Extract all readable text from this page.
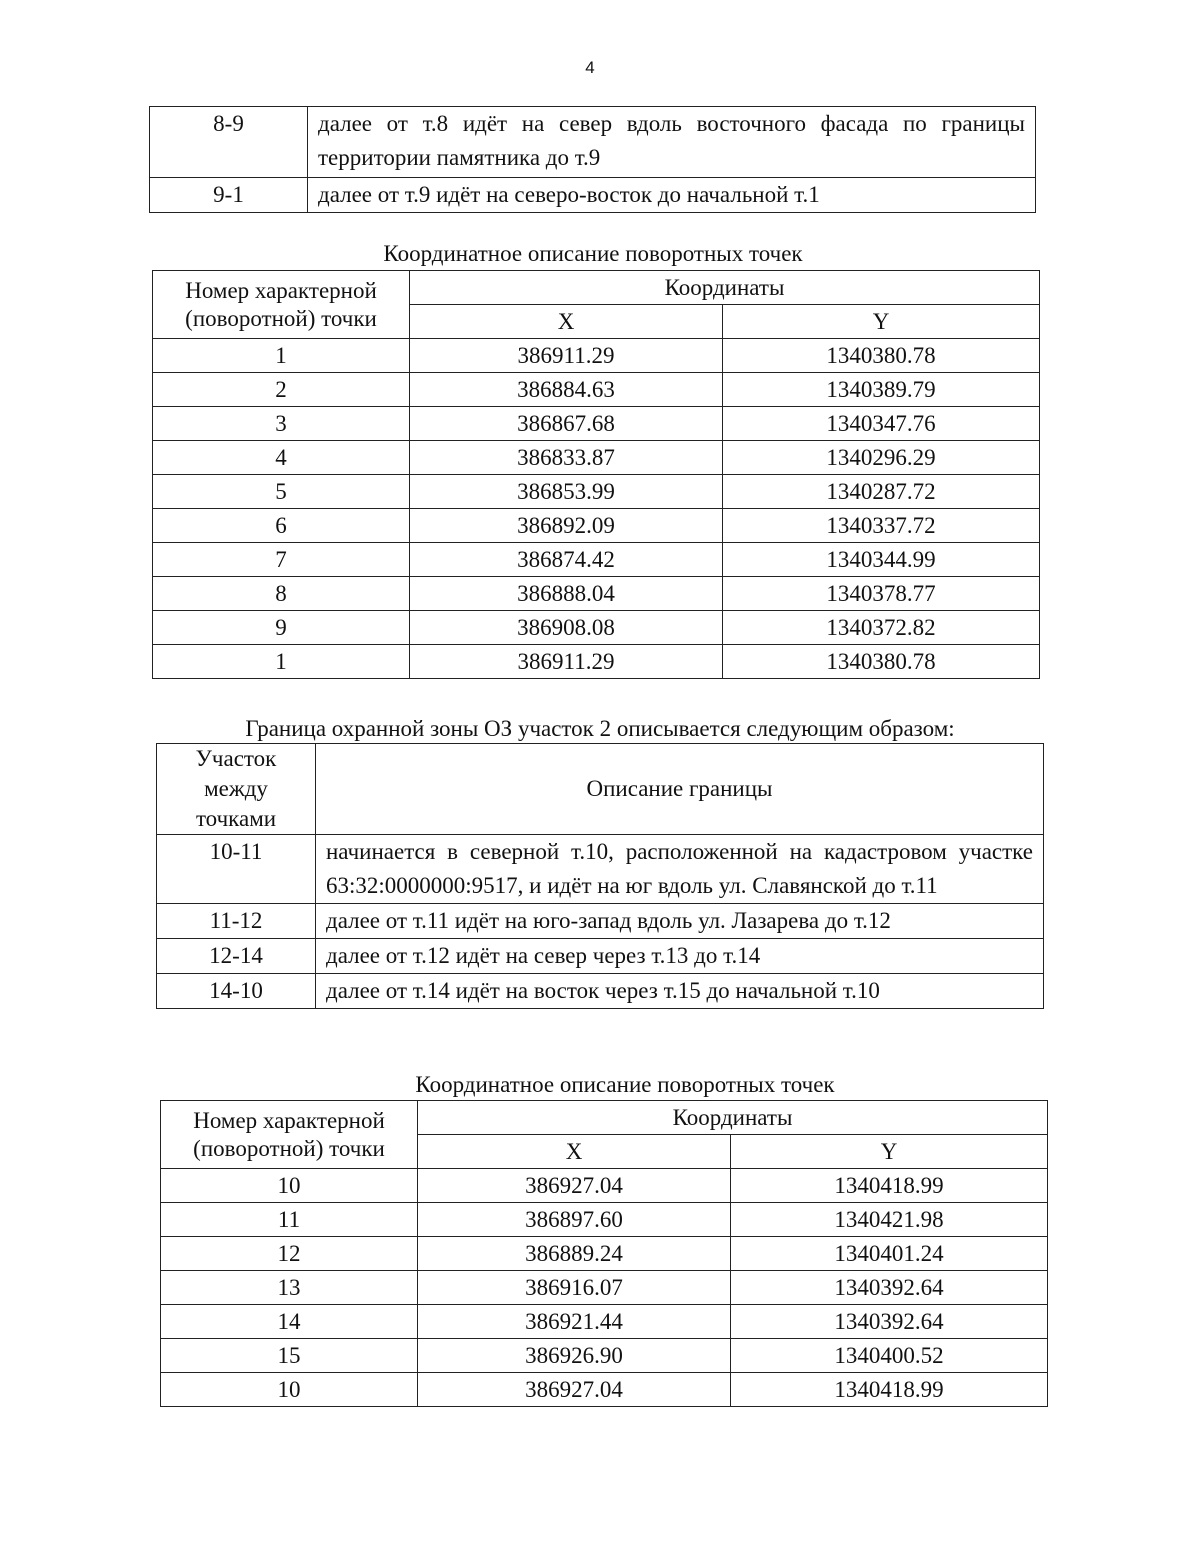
4
8-9	далее от т.8 идёт на север вдоль восточного фасада по границы территории памятника до т.9
9-1	далее от т.9 идёт на северо-восток до начальной т.1
Координатное описание поворотных точек
Номер характерной (поворотной) точки	Координаты	
	X	Y
1	386911.29	1340380.78
2	386884.63	1340389.79
3	386867.68	1340347.76
4	386833.87	1340296.29
5	386853.99	1340287.72
6	386892.09	1340337.72
7	386874.42	1340344.99
8	386888.04	1340378.77
9	386908.08	1340372.82
1	386911.29	1340380.78
Граница охранной зоны ОЗ участок 2 описывается следующим образом:
Участок между точками	Описание границы
10-11	начинается в северной т.10, расположенной на кадастровом участке 63:32:0000000:9517, и идёт на юг вдоль ул. Славянской до т.11
11-12	далее от т.11 идёт на юго-запад вдоль ул. Лазарева до т.12
12-14	далее от т.12 идёт на север через т.13 до т.14
14-10	далее от т.14 идёт на восток через т.15 до начальной т.10
Координатное описание поворотных точек
Номер характерной (поворотной) точки	Координаты	
	X	Y
10	386927.04	1340418.99
11	386897.60	1340421.98
12	386889.24	1340401.24
13	386916.07	1340392.64
14	386921.44	1340392.64
15	386926.90	1340400.52
10	386927.04	1340418.99
